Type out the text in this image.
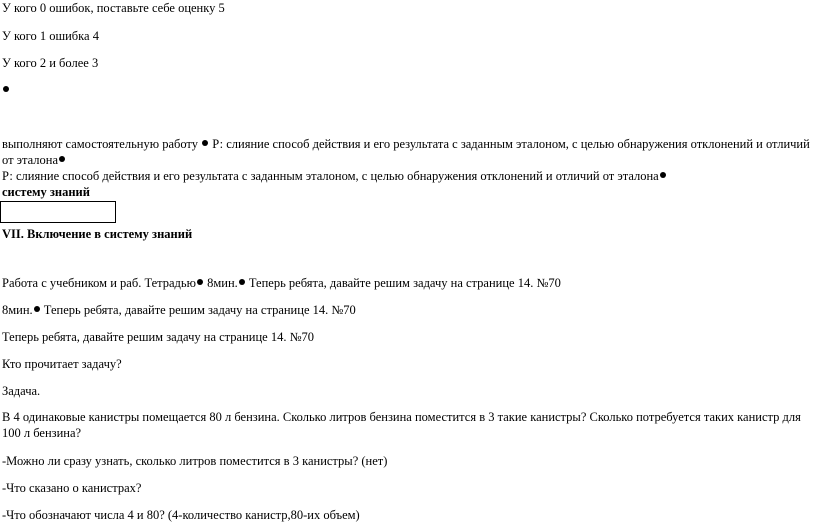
У кого 0 ошибок, поставьте себе оценку 5
У кого 1 ошибка 4
У кого 2 и более 3
выполняют самостоятельную работу Р: слияние способ действия и его результата с заданным эталоном, с целью обнаружения отклонений и отличий
от эталона
Р: слияние способ действия и его результата с заданным эталоном, с целью обнаружения отклонений и отличий от эталона
систему знаний
VII. Включение в систему знаний
Работа с учебником и раб. Тетрадью 8мин. Теперь ребята, давайте решим задачу на странице 14. №70
8мин. Теперь ребята, давайте решим задачу на странице 14. №70
Теперь ребята, давайте решим задачу на странице 14. №70
Кто прочитает задачу?
Задача.
В 4 одинаковые канистры помещается 80 л бензина. Сколько литров бензина поместится в 3 такие канистры? Сколько потребуется таких канистр для 100 л бензина?
-Можно ли сразу узнать, сколько литров поместится в 3 канистры? (нет)
-Что сказано о канистрах?
-Что обозначают числа 4 и 80? (4-количество канистр,80-их объем)
